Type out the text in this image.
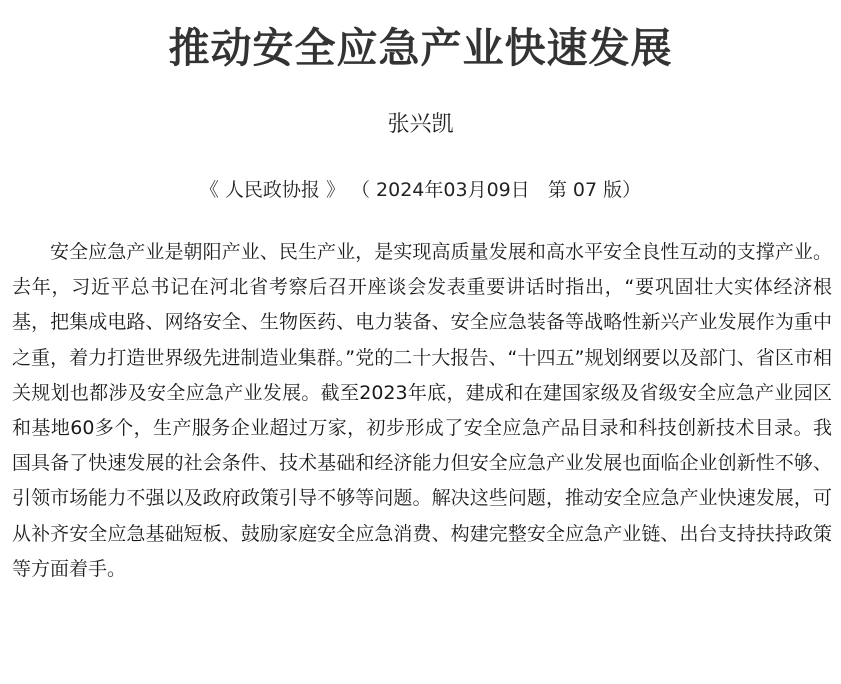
推动安全应急产业快速发展
张兴凯
《 人民政协报 》 （ 2024年03月09日   第 07 版）

安全应急产业是朝阳产业、民生产业，是实现高质量发展和高水平安全良性互动的支撑产业。去年，习近平总书记在河北省考察后召开座谈会发表重要讲话时指出，“要巩固壮大实体经济根基，把集成电路、网络安全、生物医药、电力装备、安全应急装备等战略性新兴产业发展作为重中之重，着力打造世界级先进制造业集群。”党的二十大报告、“十四五”规划纲要以及部门、省区市相关规划也都涉及安全应急产业发展。截至2023年底，建成和在建国家级及省级安全应急产业园区和基地60多个，生产服务企业超过万家，初步形成了安全应急产品目录和科技创新技术目录。我国具备了快速发展的社会条件、技术基础和经济能力但安全应急产业发展也面临企业创新性不够、引领市场能力不强以及政府政策引导不够等问题。解决这些问题，推动安全应急产业快速发展，可从补齐安全应急基础短板、鼓励家庭安全应急消费、构建完整安全应急产业链、出台支持扶持政策等方面着手。
